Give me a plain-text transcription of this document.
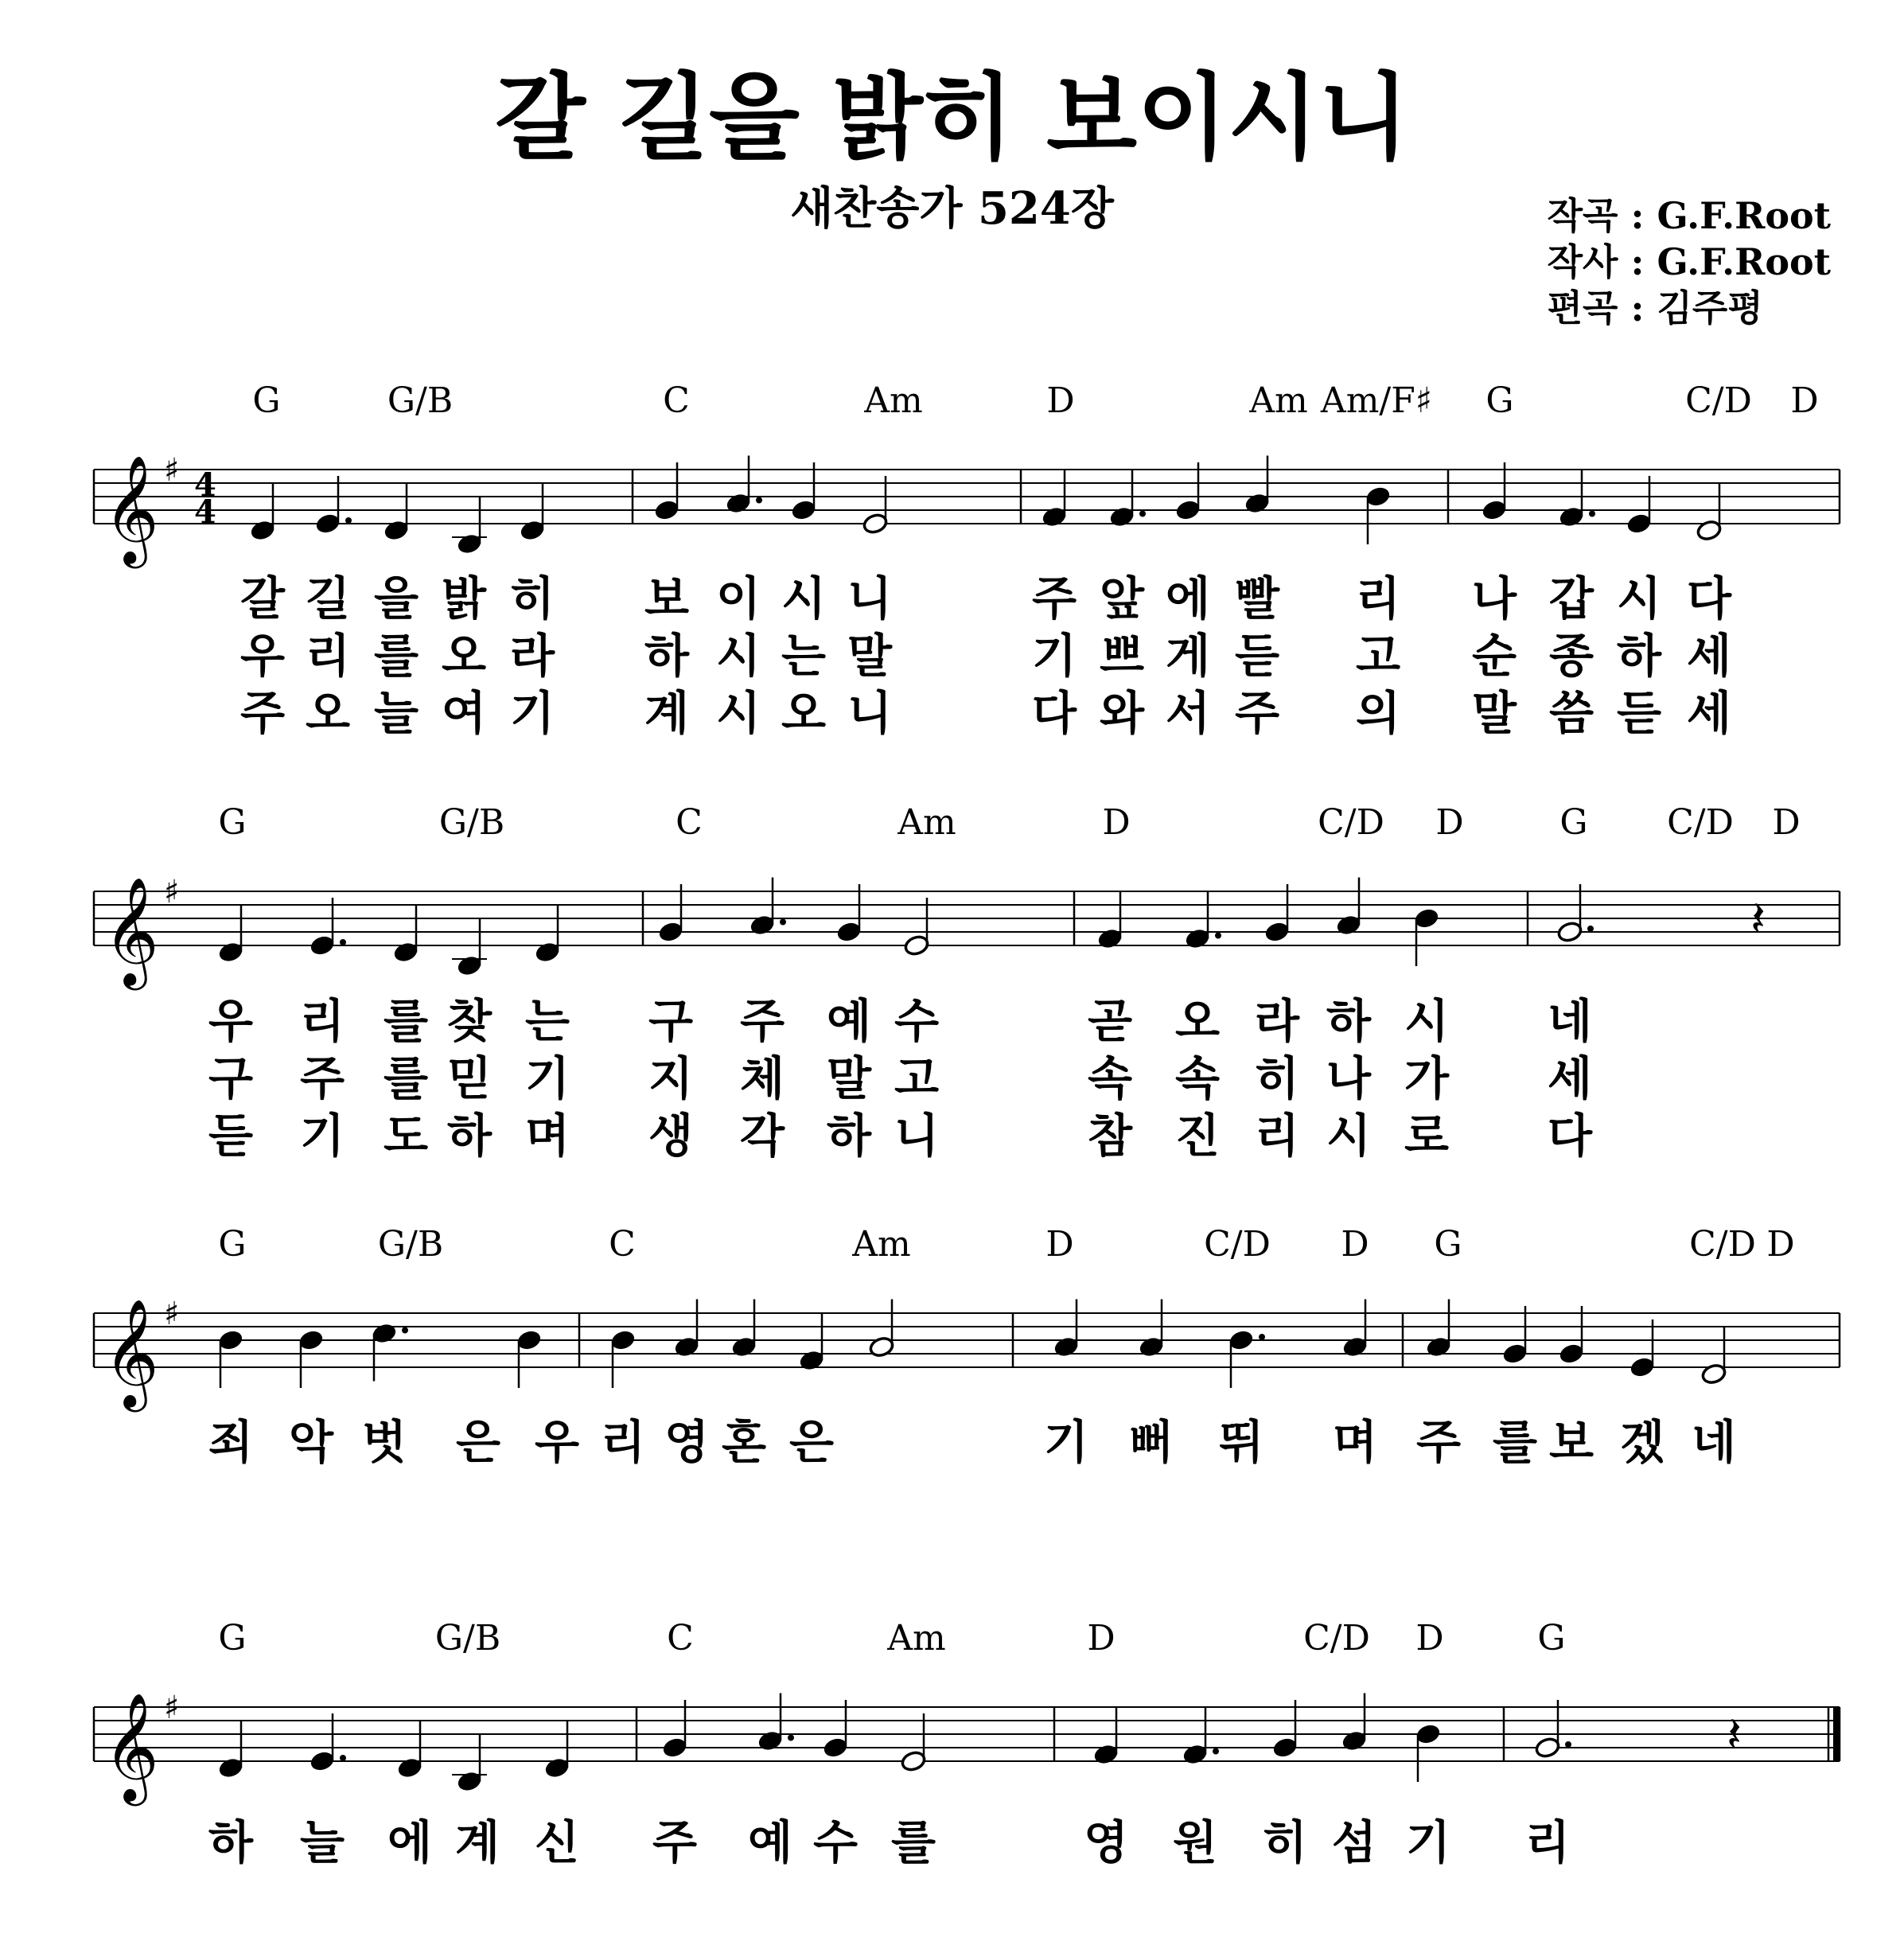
갈 길을 밝히 보이시니
새찬송가 524장	작곡 : G.F.Root
작사 : G.F.Root
편곡 : 김주평
𝄞 ♯ 4
4
G	G/B	C	Am	D	Am Am/F♯ G	C/D D
갈 길 을 밝 히 보 이 시 니	주 앞 에 빨 리 나 갑 시 다
우 리 를 오 라 하 시 는 말	기 쁘 게 듣 고 순 종 하 세
주 오 늘 여 기 계 시 오 니	다 와 서 주 의 말 씀 듣 세
𝄞 ♯	𝄽
G	G/B	C	Am	D	C/D D	G C/D D
우 리 를 찾 는 구 주 예 수	곧 오 라 하 시 네
구 주 를 믿 기 지 체 말 고	속 속 히 나 가 세
듣 기 도 하 며 생 각 하 니	참 진 리 시 로 다
𝄞 ♯
G	G/B	C	Am	D	C/D D G	C/D D
죄 악 벗 은 우 리 영 혼 은	기 뻐 뛰 며 주 를 보 겠 네
𝄞 ♯	𝄽
G	G/B	C	Am	D	C/D D	G
하 늘 에 계 신 주 예 수 를	영 원 히 섬 기 리
